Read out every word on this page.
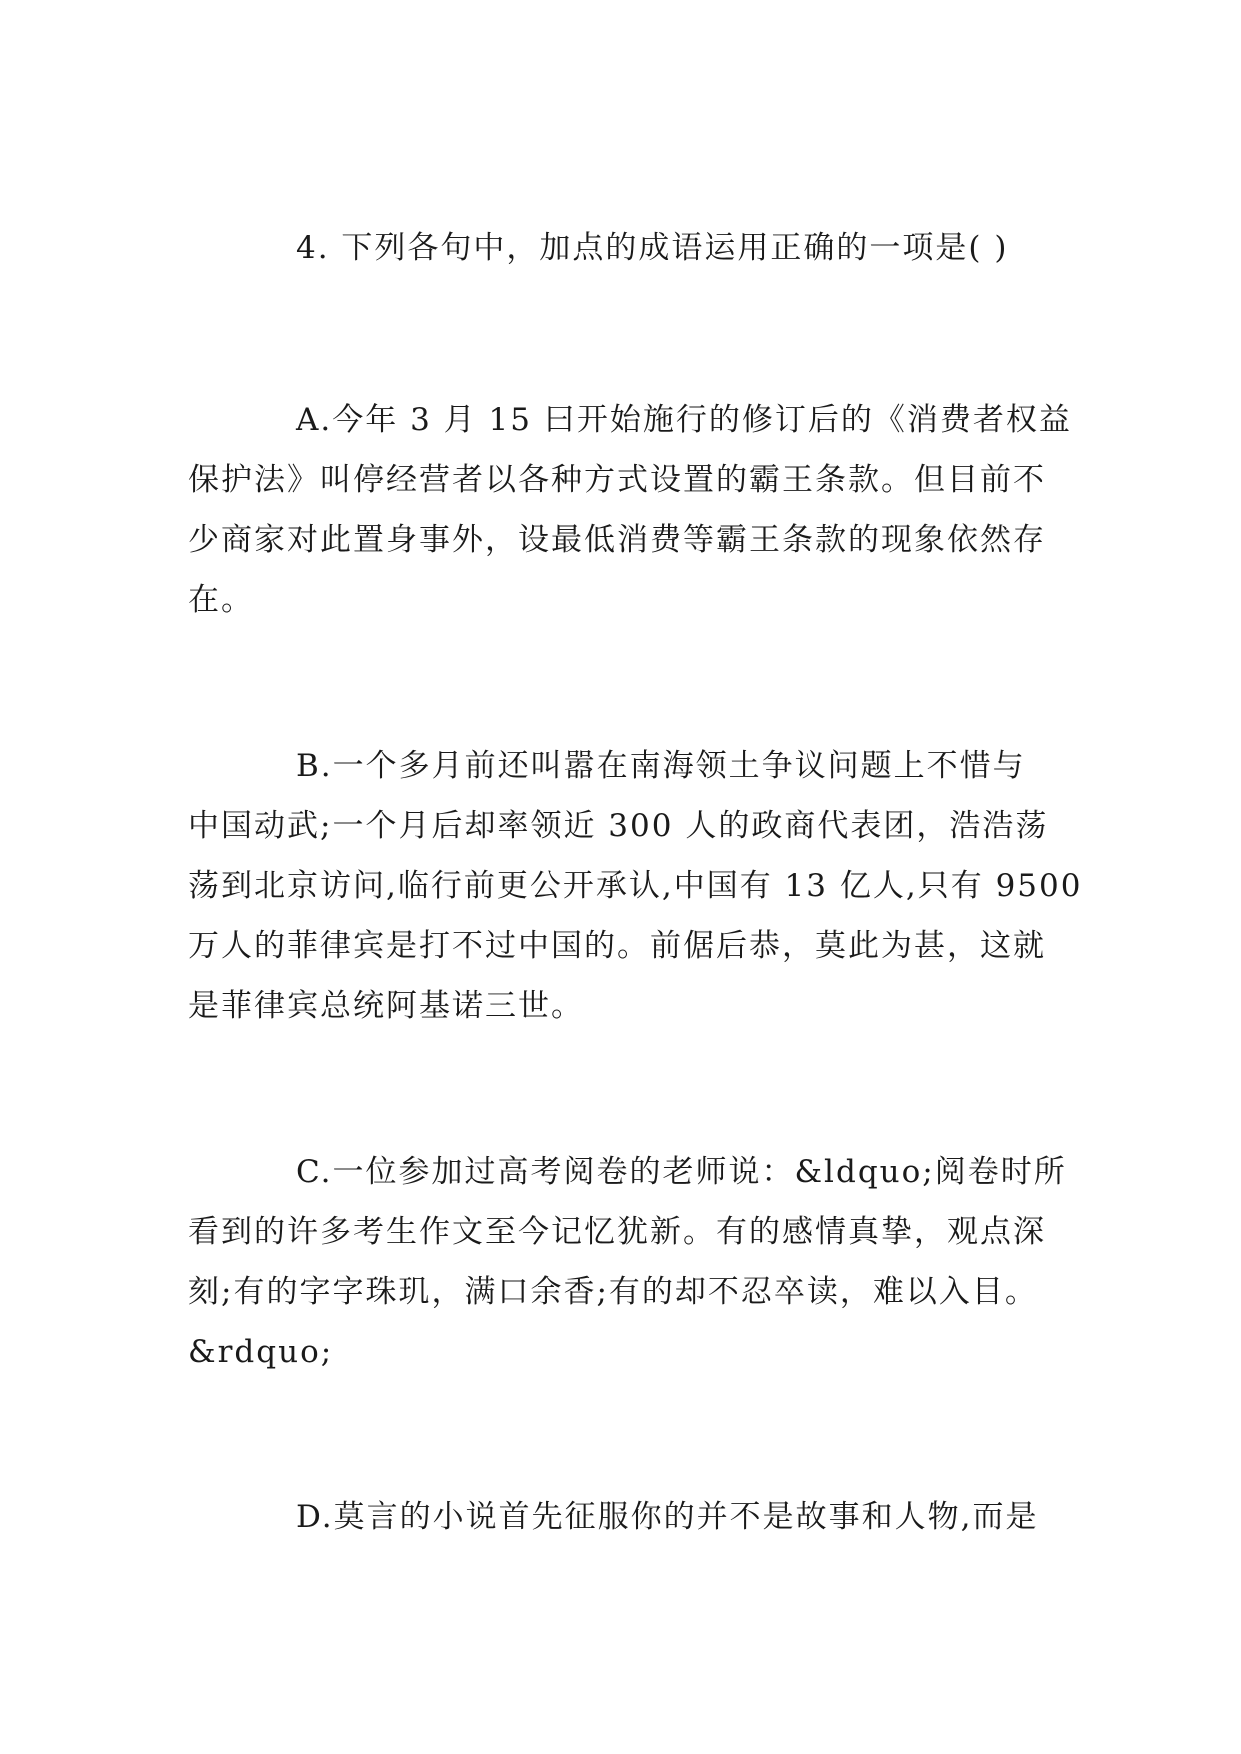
4. 下列各句中，加点的成语运用正确的一项是( )

A.今年 3 月 15 曰开始施行的修订后的《消费者权益
保护法》叫停经营者以各种方式设置的霸王条款。但目前不
少商家对此置身事外，设最低消费等霸王条款的现象依然存
在。

B.一个多月前还叫嚣在南海领土争议问题上不惜与
中国动武;一个月后却率领近 300 人的政商代表团，浩浩荡
荡到北京访问,临行前更公开承认,中国有 13 亿人,只有 9500
万人的菲律宾是打不过中国的。前倨后恭，莫此为甚，这就
是菲律宾总统阿基诺三世。

C.一位参加过高考阅卷的老师说：&ldquo;阅卷时所
看到的许多考生作文至今记忆犹新。有的感情真挚，观点深
刻;有的字字珠玑，满口余香;有的却不忍卒读，难以入目。
&rdquo;

D.莫言的小说首先征服你的并不是故事和人物,而是
